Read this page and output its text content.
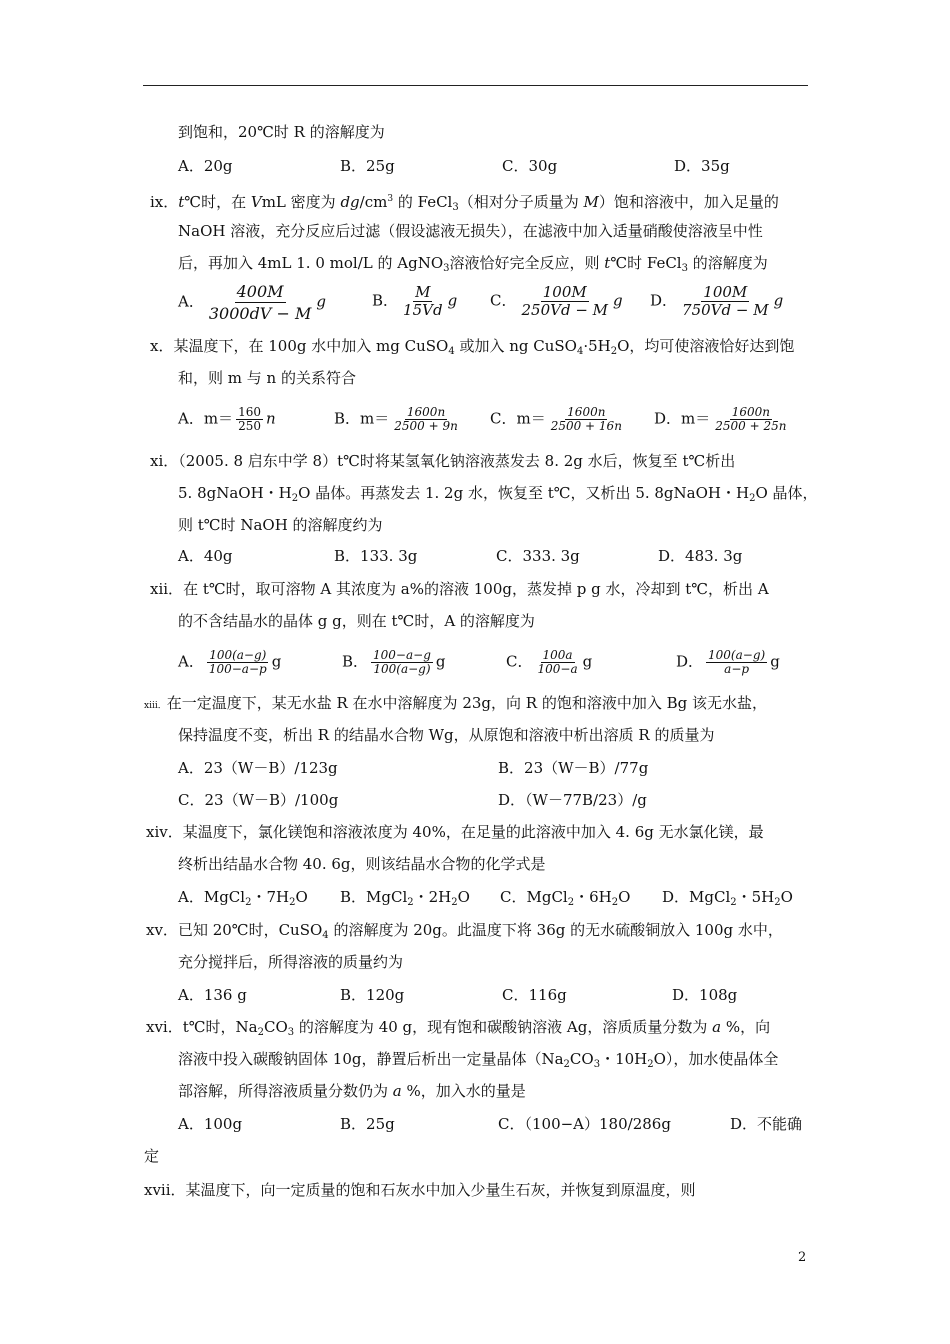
到饱和，20℃时 R 的溶解度为
A．20g	B．25g	C．30g	D．35g
ix．t℃时，在 VmL 密度为 $dg/cm^3$ 的 FeCl$_3$（相对分子质量为 M）饱和溶液中，加入足量的
NaOH 溶液，充分反应后过滤（假设滤液无损失），在滤液中加入适量硝酸使溶液呈中性
后，再加入 4mL 1. 0 mol/L 的 AgNO$_3$溶液恰好完全反应，则 t℃时 FeCl$_3$ 的溶解度为
A． $\frac{400M}{3000dV - M}$ g	B． $\frac{M}{15Vd}$ g C． $\frac{100M}{250Vd - M}$ g D． $\frac{100M}{750Vd - M}$ g
x．某温度下，在 100g 水中加入 mg CuSO$_4$ 或加入 ng $CuSO_4\cdot 5H_2O$，均可使溶液恰好达到饱
和，则 m 与 n 的关系符合
A．$m= \frac{160}{250}$ n	B．$m= \frac{1600n}{2500 + 9n}$ C．$m= \frac{1600n}{2500 + 16n}$ D．$m= \frac{1600n}{2500 + 25n}$
xi．（2005. 8 启东中学 8）t℃时将某氢氧化钠溶液蒸发去 8. 2g 水后，恢复至 t℃析出
5. 8gNaOH・$H_2O$ 晶体。再蒸发去 1. 2g 水，恢复至 t℃，又析出 5. 8gNaOH・$H_2O$ 晶体，
则 t℃时 NaOH 的溶解度约为
A．40g	B．133. 3g	C．333. 3g	D．483. 3g
xii．在 t℃时，取可溶物 A 其浓度为 a%的溶液 100g，蒸发掉 p g 水，冷却到 t℃，析出 A
的不含结晶水的晶体 g g，则在 t℃时，A 的溶解度为
A． $\frac{100(a-g)}{100-a-p}$ g	B． $\frac{100-a-g}{100(a-g)}$ g	C． $\frac{100a}{100-a}$ g	D． $\frac{100(a-g)}{a-p}$ g
xiii．在一定温度下，某无水盐 R 在水中溶解度为 23g，向 R 的饱和溶液中加入 Bg 该无水盐，
保持温度不变，析出 R 的结晶水合物 Wg，从原饱和溶液中析出溶质 R 的质量为
A．23（W－B）/123g	B．23（W－B）/77g
C．23（W－B）/100g	D．（W－77B/23）/g
xiv．某温度下，氯化镁饱和溶液浓度为 40%，在足量的此溶液中加入 4. 6g 无水氯化镁，最
终析出结晶水合物 40. 6g，则该结晶水合物的化学式是
A．MgCl$_2$・$7H_2O$ B．MgCl$_2$・$2H_2O$ C．MgCl$_2$・$6H_2O$ D．MgCl$_2$・$5H_2O$
xv．已知 20℃时，CuSO$_4$ 的溶解度为 20g。此温度下将 36g 的无水硫酸铜放入 100g 水中，
充分搅拌后，所得溶液的质量约为
A．136 g	B．120g	C．116g	D．108g
xvi．t℃时，$Na_2CO_3$ 的溶解度为 40 g，现有饱和碳酸钠溶液 Ag，溶质质量分数为 a %，向
溶液中投入碳酸钠固体 10g，静置后析出一定量晶体（$Na_2CO_3$・$10H_2O$），加水使晶体全
部溶解，所得溶液质量分数仍为 a %，加入水的量是
A．100g	B．25g	C．（100−A）180/286g	D．不能确
定
xvii．某温度下，向一定质量的饱和石灰水中加入少量生石灰，并恢复到原温度，则
2
